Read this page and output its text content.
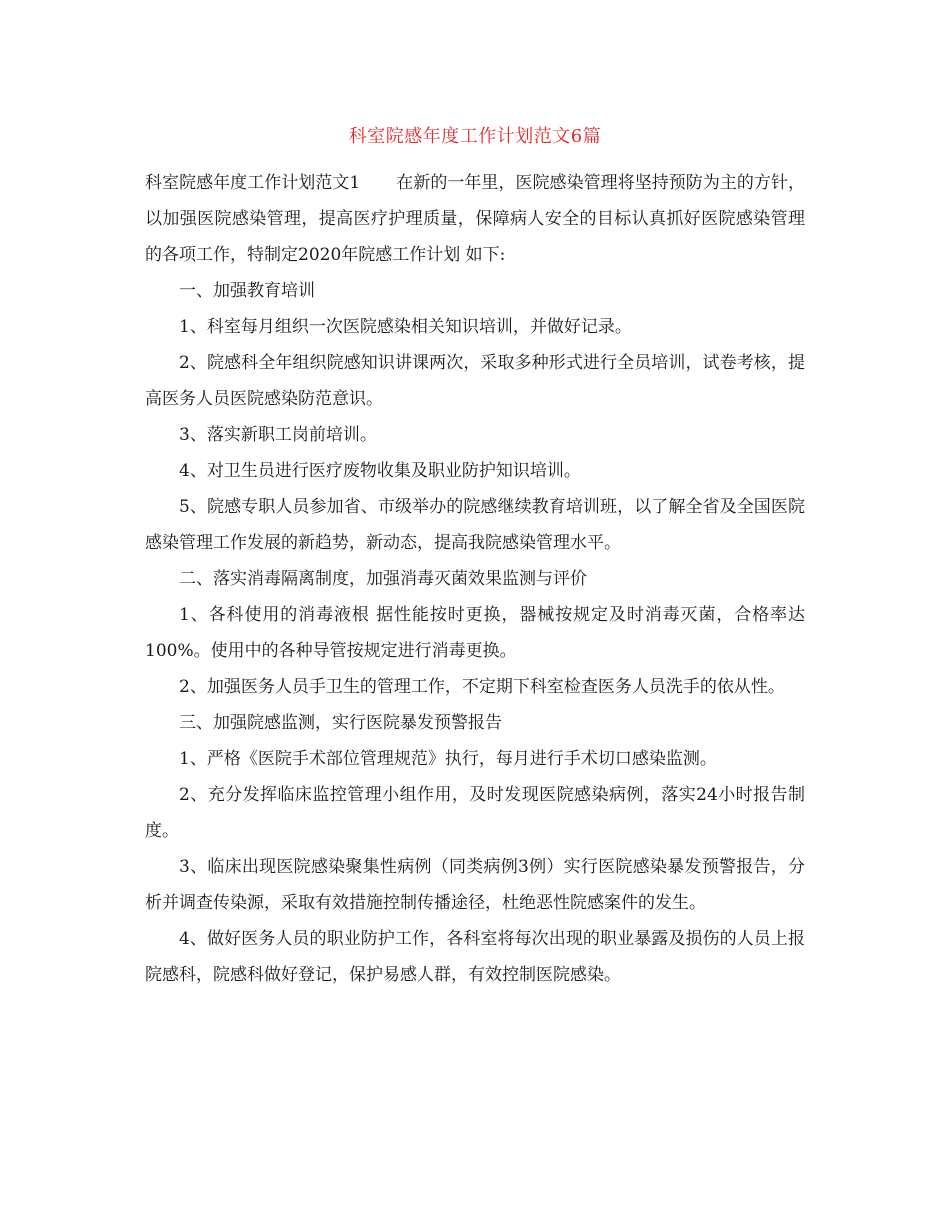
科室院感年度工作计划范文6篇

科室院感年度工作计划范文1 在新的一年里，医院感染管理将坚持预防为主的方针，以加强医院感染管理，提高医疗护理质量，保障病人安全的目标认真抓好医院感染管理的各项工作，特制定2020年院感工作计划 如下:

一、加强教育培训

1、科室每月组织一次医院感染相关知识培训，并做好记录。

2、院感科全年组织院感知识讲课两次，采取多种形式进行全员培训，试卷考核，提高医务人员医院感染防范意识。

3、落实新职工岗前培训。

4、对卫生员进行医疗废物收集及职业防护知识培训。

5、院感专职人员参加省、市级举办的院感继续教育培训班，以了解全省及全国医院感染管理工作发展的新趋势，新动态，提高我院感染管理水平。

二、落实消毒隔离制度，加强消毒灭菌效果监测与评价

1、各科使用的消毒液根 据性能按时更换，器械按规定及时消毒灭菌，合格率达100%。使用中的各种导管按规定进行消毒更换。

2、加强医务人员手卫生的管理工作，不定期下科室检查医务人员洗手的依从性。

三、加强院感监测，实行医院暴发预警报告

1、严格《医院手术部位管理规范》执行，每月进行手术切口感染监测。

2、充分发挥临床监控管理小组作用，及时发现医院感染病例，落实24小时报告制度。

3、临床出现医院感染聚集性病例（同类病例3例）实行医院感染暴发预警报告，分析并调查传染源，采取有效措施控制传播途径，杜绝恶性院感案件的发生。

4、做好医务人员的职业防护工作，各科室将每次出现的职业暴露及损伤的人员上报院感科，院感科做好登记，保护易感人群，有效控制医院感染。
